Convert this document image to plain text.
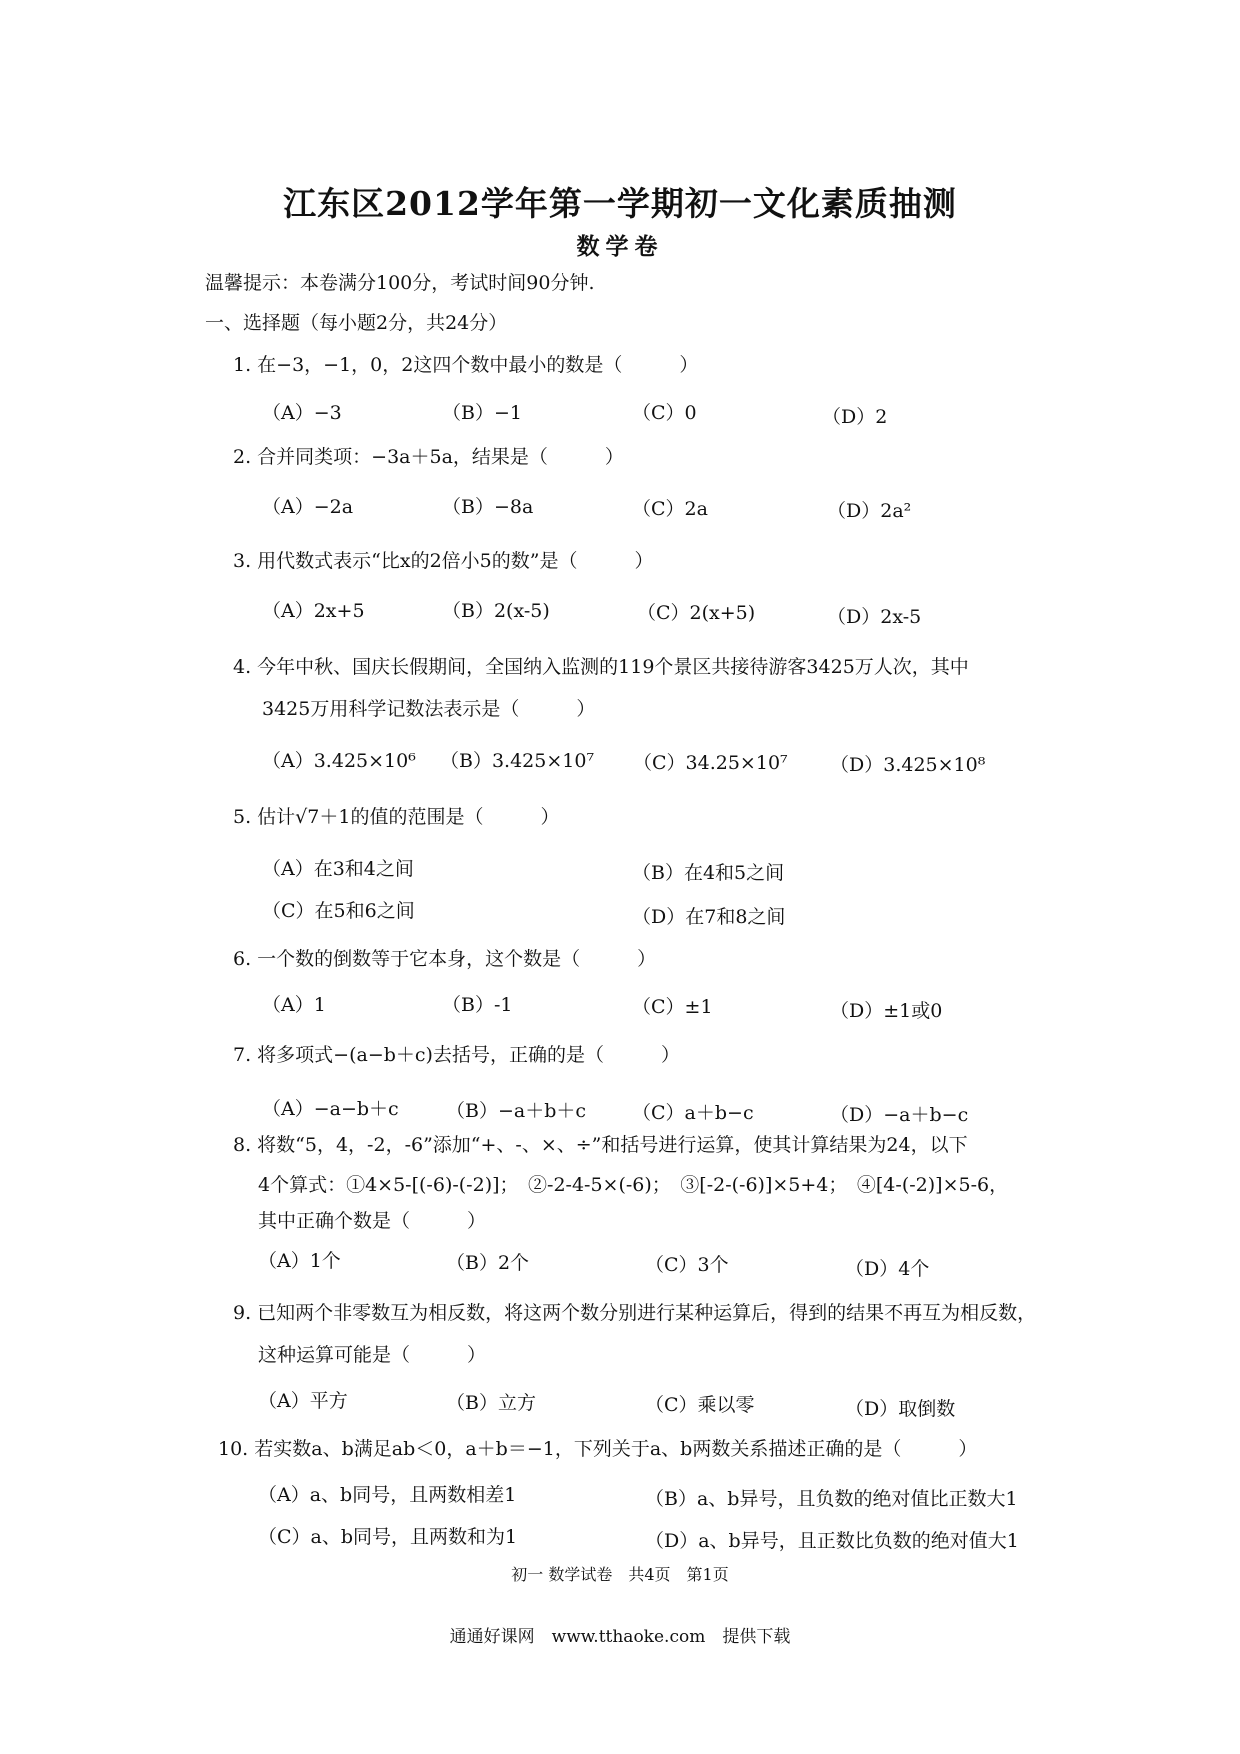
江东区2012学年第一学期初一文化素质抽测
数学卷
温馨提示：本卷满分100分，考试时间90分钟.
一、选择题（每小题2分，共24分）
1. 在−3，−1，0，2这四个数中最小的数是（　　　）
（A）−3	（B）−1	（C）0	（D）2
2. 合并同类项：−3a＋5a，结果是（　　　）
（A）−2a	（B）−8a	（C）2a	（D）2a²
3. 用代数式表示“比x的2倍小5的数”是（　　　）
（A）2x+5	（B）2(x-5)	（C）2(x+5)	（D）2x-5
4. 今年中秋、国庆长假期间，全国纳入监测的119个景区共接待游客3425万人次，其中
3425万用科学记数法表示是（　　　）
（A）3.425×10⁶ （B）3.425×10⁷ （C）34.25×10⁷ （D）3.425×10⁸
5. 估计√7＋1的值的范围是（　　　）
（A）在3和4之间	（B）在4和5之间
（C）在5和6之间	（D）在7和8之间
6. 一个数的倒数等于它本身，这个数是（　　　）
（A）1	（B）-1	（C）±1	（D）±1或0
7. 将多项式−(a−b＋c)去括号，正确的是（　　　）
（A）−a−b＋c （B）−a＋b＋c （C）a＋b−c	（D）−a＋b−c
8. 将数“5，4，-2，-6”添加“+、-、×、÷”和括号进行运算，使其计算结果为24，以下
4个算式：①4×5-[(-6)-(-2)]；　②-2-4-5×(-6)；　③[-2-(-6)]×5+4；　④[4-(-2)]×5-6，
其中正确个数是（　　　）
（A）1个	（B）2个	（C）3个	（D）4个
9. 已知两个非零数互为相反数，将这两个数分别进行某种运算后，得到的结果不再互为相反数，
这种运算可能是（　　　）
（A）平方	（B）立方	（C）乘以零	（D）取倒数
10. 若实数a、b满足ab＜0，a＋b＝−1，下列关于a、b两数关系描述正确的是（　　　）
（A）a、b同号，且两数相差1	（B）a、b异号，且负数的绝对值比正数大1
（C）a、b同号，且两数和为1	（D）a、b异号，且正数比负数的绝对值大1
初一 数学试卷　共4页　第1页
通通好课网　www.tthaoke.com　提供下载
